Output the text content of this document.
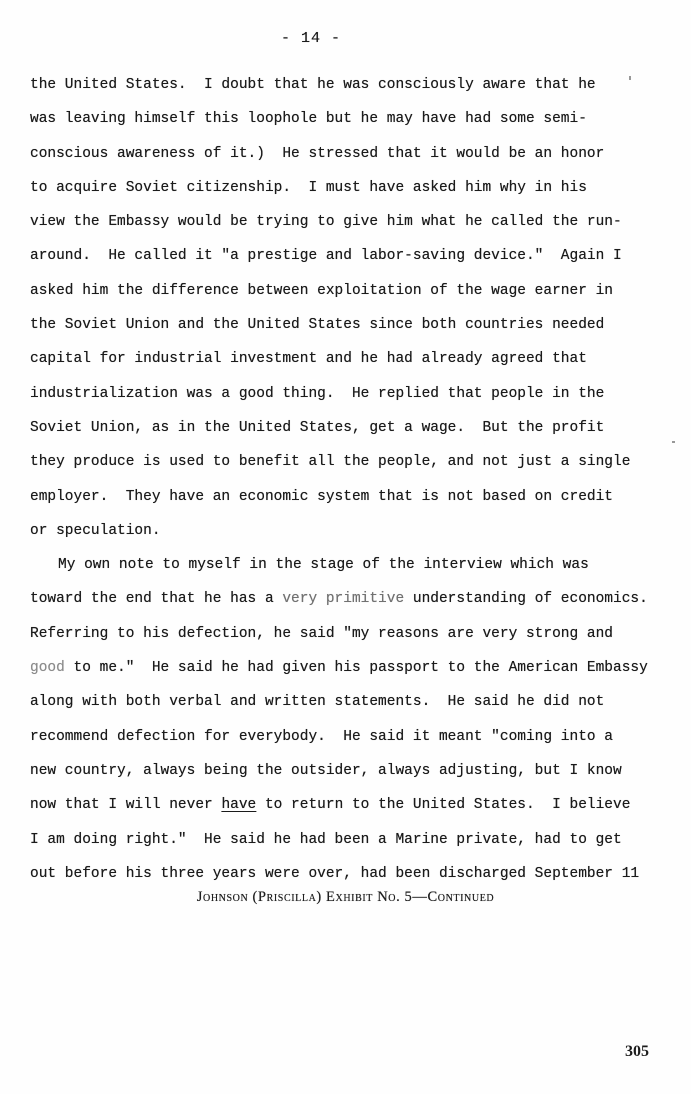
- 14 -
the United States.  I doubt that he was consciously aware that he
was leaving himself this loophole but he may have had some semi-
conscious awareness of it.)  He stressed that it would be an honor
to acquire Soviet citizenship.  I must have asked him why in his
view the Embassy would be trying to give him what he called the run-
around.  He called it "a prestige and labor-saving device."  Again I
asked him the difference between exploitation of the wage earner in
the Soviet Union and the United States since both countries needed
capital for industrial investment and he had already agreed that
industrialization was a good thing.  He replied that people in the
Soviet Union, as in the United States, get a wage.  But the profit
they produce is used to benefit all the people, and not just a single
employer.  They have an economic system that is not based on credit
or speculation.
My own note to myself in the stage of the interview which was
toward the end that he has a very primitive understanding of economics.
Referring to his defection, he said "my reasons are very strong and
good to me."  He said he had given his passport to the American Embassy
along with both verbal and written statements.  He said he did not
recommend defection for everybody.  He said it meant "coming into a
new country, always being the outsider, always adjusting, but I know
now that I will never have to return to the United States.  I believe
I am doing right."  He said he had been a Marine private, had to get
out before his three years were over, had been discharged September 11
Johnson (Priscilla) Exhibit No. 5—Continued
305
